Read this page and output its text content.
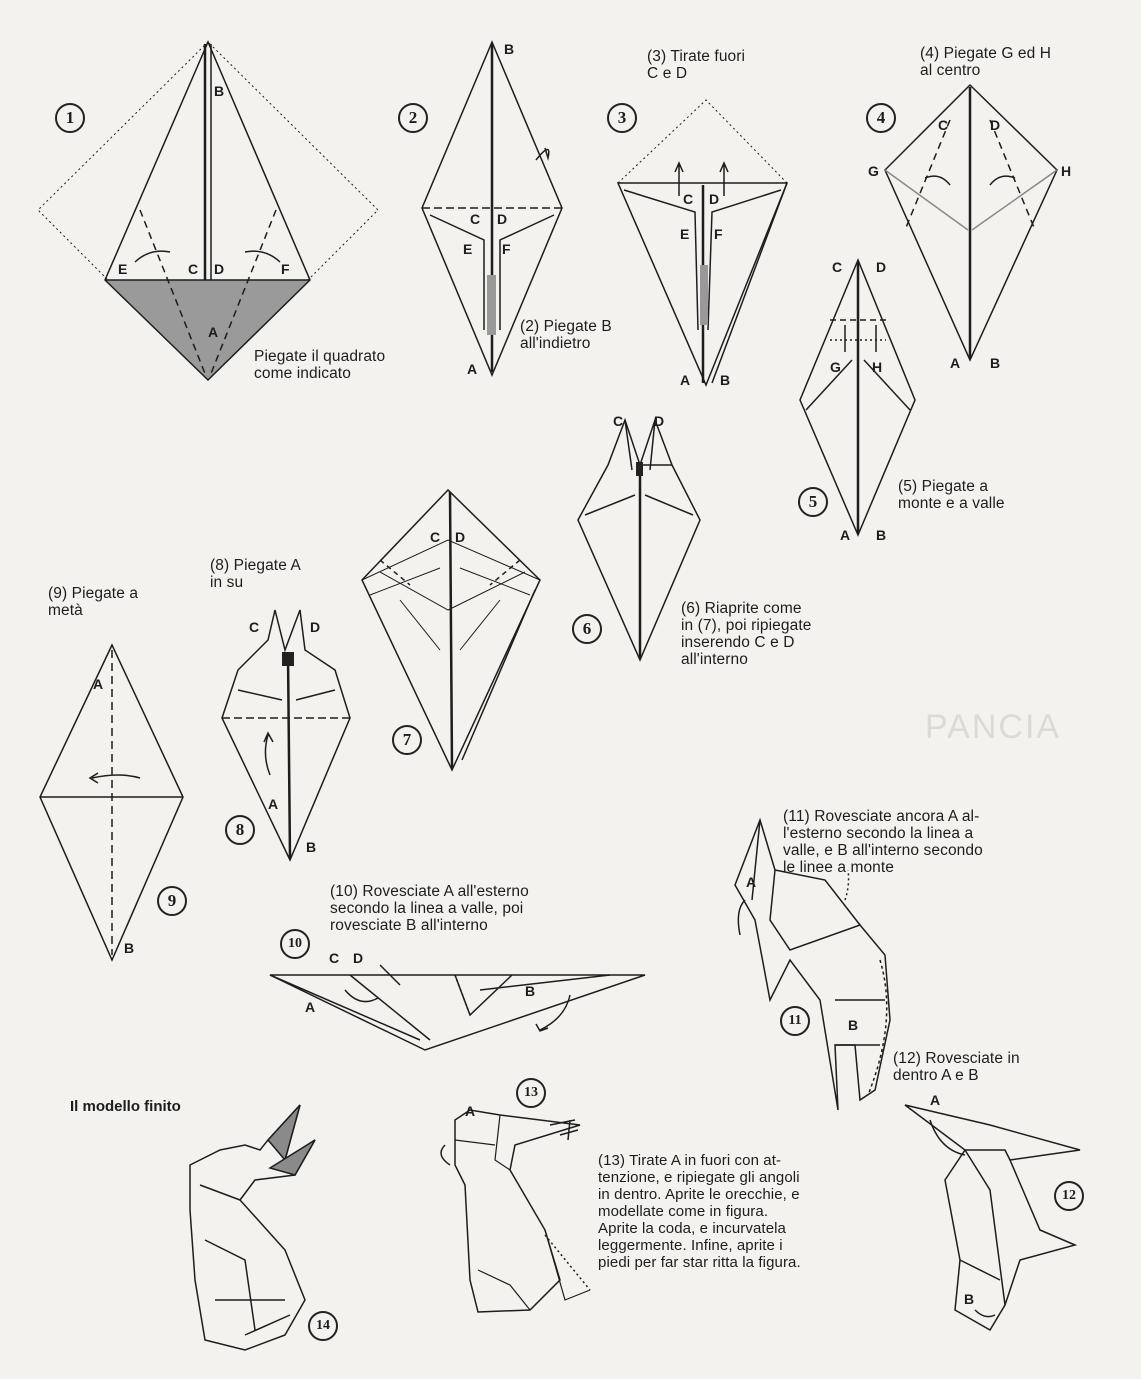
PANCIA
1
B
E	C D	F
A
Piegate il quadrato
come indicato
2
B
C D
E F
A
(2) Piegate B
all'indietro
3
(3) Tirate fuori
C e D
C D
E F
A B
4
(4) Piegate G ed H
al centro
C	D
G	H
A B
5
C D
G H
A B
(5) Piegate a
monte e a valle
6
C D
(6) Riaprite come
in (7), poi ripiegate
inserendo C e D
all'interno
7
C D
(8) Piegate A
in su
C	D
A
B
8
(9) Piegate a
metà
A
B
9	(10) Rovesciate A all'esterno
secondo la linea a valle, poi
rovesciate B all'interno
10
C D
A
B
(11) Rovesciate ancora A al-
l'esterno secondo la linea a
valle, e B all'interno secondo
le linee a monte
A
B
11
(12) Rovesciate in
dentro A e B
A
B
12
13
A
(13) Tirate A in fuori con at-
tenzione, e ripiegate gli angoli
in dentro. Aprite le orecchie, e
modellate come in figura.
Aprite la coda, e incurvatela
leggermente. Infine, aprite i
piedi per far star ritta la figura.
Il modello finito
14
